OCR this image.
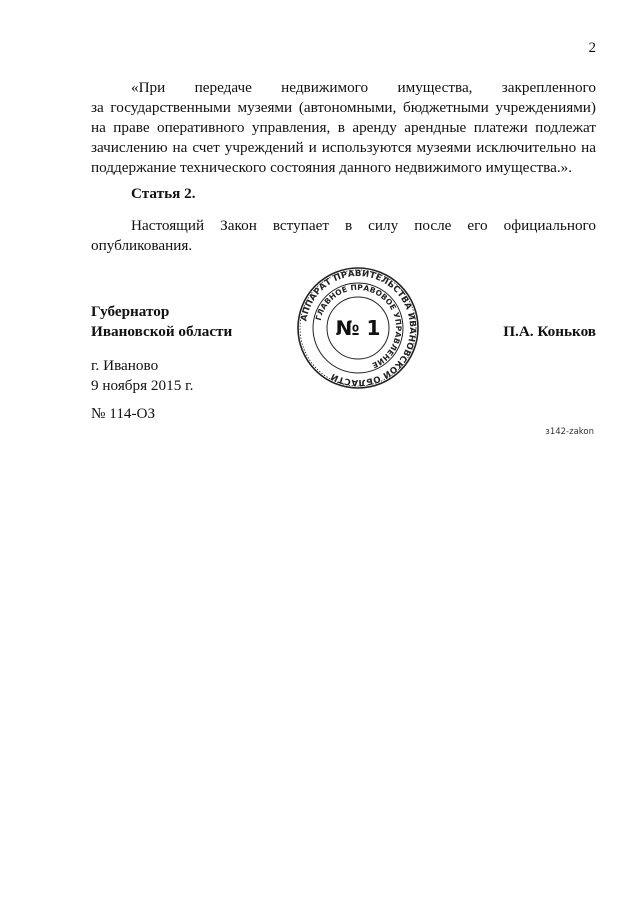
2

«При передаче недвижимого имущества, закрепленного

за государственными музеями (автономными, бюджетными учреждениями) на праве оперативного управления, в аренду арендные платежи подлежат зачислению на счет учреждений и используются музеями исключительно на поддержание технического состояния данного недвижимого имущества.».

Статья 2.

Настоящий Закон вступает в силу после его официального

опубликования.

Губернатор
Ивановской области
АППАРАТ ПРАВИТЕЛЬСТВА ИВАНОВСКОЙ ОБЛАСТИ
ГЛАВНОЕ ПРАВОВОЕ УПРАВЛЕНИЕ
№ 1	П.А. Коньков
г. Иваново
9 ноября 2015 г.
№ 114-ОЗ
з142-zakon
